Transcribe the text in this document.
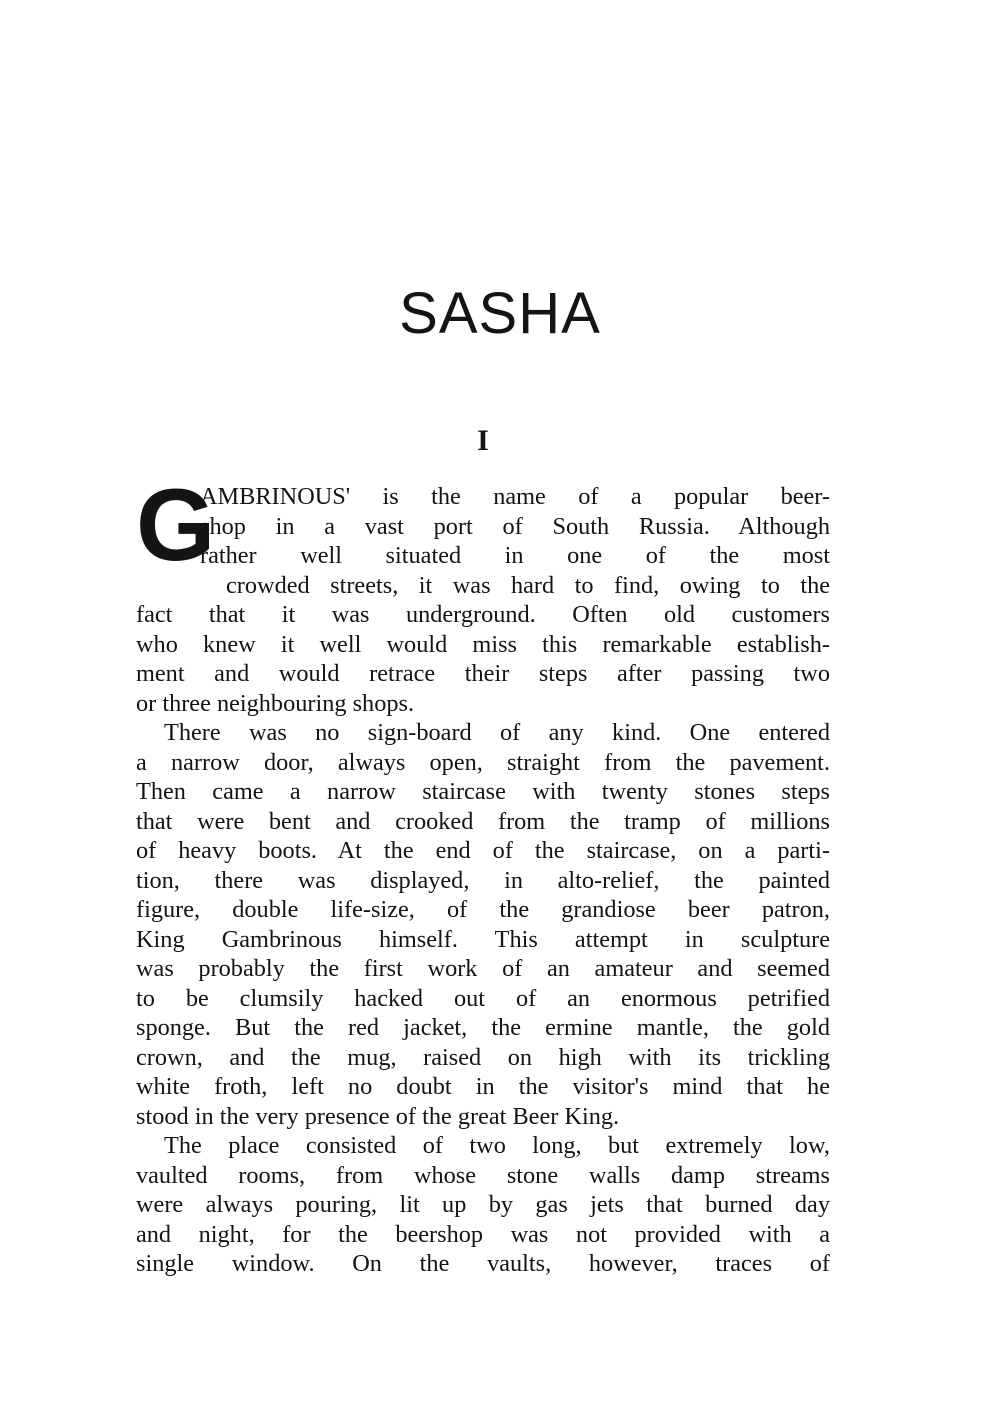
SASHA
I
G
AMBRINOUS' is the name of a popular beer-
shop in a vast port of South Russia. Although
rather well situated in one of the most
crowded streets, it was hard to find, owing to the
fact that it was underground. Often old customers
who knew it well would miss this remarkable establish-
ment and would retrace their steps after passing two
or three neighbouring shops.
There was no sign-board of any kind. One entered
a narrow door, always open, straight from the pavement.
Then came a narrow staircase with twenty stones steps
that were bent and crooked from the tramp of millions
of heavy boots. At the end of the staircase, on a parti-
tion, there was displayed, in alto-relief, the painted
figure, double life-size, of the grandiose beer patron,
King Gambrinous himself. This attempt in sculpture
was probably the first work of an amateur and seemed
to be clumsily hacked out of an enormous petrified
sponge. But the red jacket, the ermine mantle, the gold
crown, and the mug, raised on high with its trickling
white froth, left no doubt in the visitor's mind that he
stood in the very presence of the great Beer King.
The place consisted of two long, but extremely low,
vaulted rooms, from whose stone walls damp streams
were always pouring, lit up by gas jets that burned day
and night, for the beershop was not provided with a
single window. On the vaults, however, traces of
